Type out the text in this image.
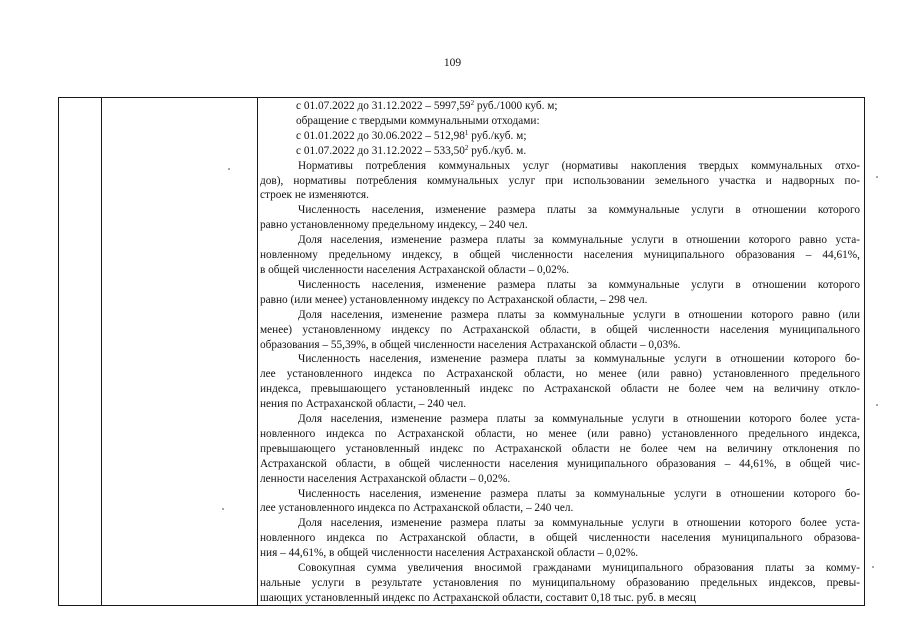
109
с 01.07.2022 до 31.12.2022 – 5997,59$^2$ руб./1000 куб. м;
обращение с твердыми коммунальными отходами:
с 01.01.2022 до 30.06.2022 – 512,98$^1$ руб./куб. м;
с 01.07.2022 до 31.12.2022 – 533,50$^2$ руб./куб. м.
Нормативы потребления коммунальных услуг (нормативы накопления твердых коммунальных отхо-
дов), нормативы потребления коммунальных услуг при использовании земельного участка и надворных по-
строек не изменяются.
Численность населения, изменение размера платы за коммунальные услуги в отношении которого
равно установленному предельному индексу, – 240 чел.
Доля населения, изменение размера платы за коммунальные услуги в отношении которого равно уста-
новленному предельному индексу, в общей численности населения муниципального образования – 44,61%,
в общей численности населения Астраханской области – 0,02%.
Численность населения, изменение размера платы за коммунальные услуги в отношении которого
равно (или менее) установленному индексу по Астраханской области, – 298 чел.
Доля населения, изменение размера платы за коммунальные услуги в отношении которого равно (или
менее) установленному индексу по Астраханской области, в общей численности населения муниципального
образования – 55,39%, в общей численности населения Астраханской области – 0,03%.
Численность населения, изменение размера платы за коммунальные услуги в отношении которого бо-
лее установленного индекса по Астраханской области, но менее (или равно) установленного предельного
индекса, превышающего установленный индекс по Астраханской области не более чем на величину откло-
нения по Астраханской области, – 240 чел.
Доля населения, изменение размера платы за коммунальные услуги в отношении которого более уста-
новленного индекса по Астраханской области, но менее (или равно) установленного предельного индекса,
превышающего установленный индекс по Астраханской области не более чем на величину отклонения по
Астраханской области, в общей численности населения муниципального образования – 44,61%, в общей чис-
ленности населения Астраханской области – 0,02%.
Численность населения, изменение размера платы за коммунальные услуги в отношении которого бо-
лее установленного индекса по Астраханской области, – 240 чел.
Доля населения, изменение размера платы за коммунальные услуги в отношении которого более уста-
новленного индекса по Астраханской области, в общей численности населения муниципального образова-
ния – 44,61%, в общей численности населения Астраханской области – 0,02%.
Совокупная сумма увеличения вносимой гражданами муниципального образования платы за комму-
нальные услуги в результате установления по муниципальному образованию предельных индексов, превы-
шающих установленный индекс по Астраханской области, составит 0,18 тыс. руб. в месяц
